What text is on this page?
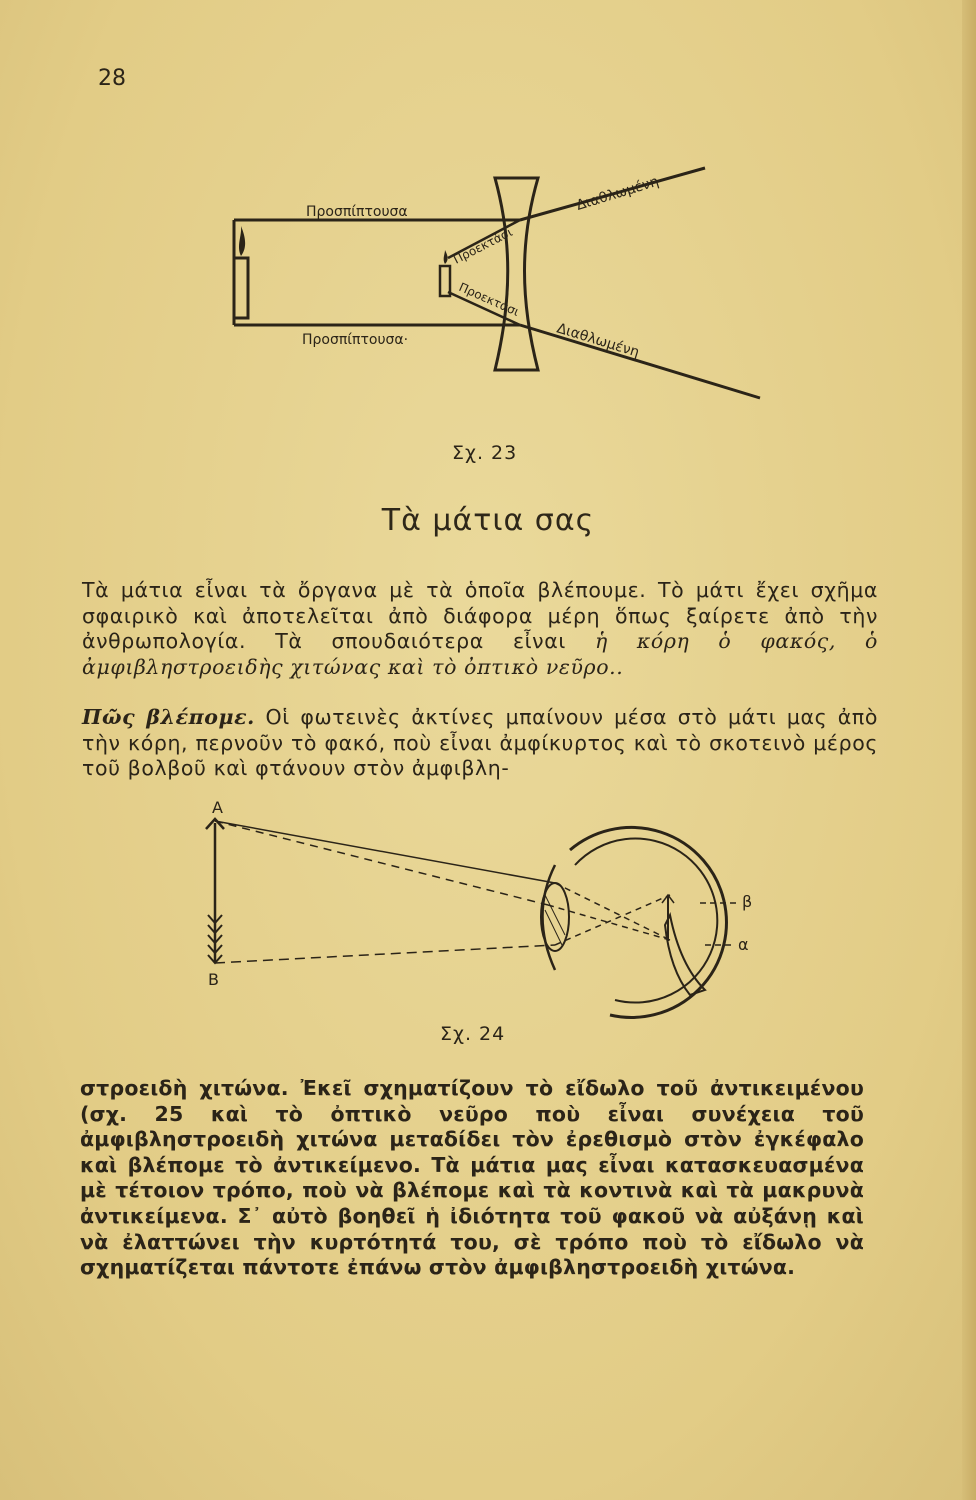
28
Προσπίπτουσα
Προσπίπτουσα·
Προεκτάσι
Προεκτάσι
Διαθλωμένη
Διαθλωμένη
Σχ. 23
Τὰ μάτια σας
Τὰ μάτια εἶναι τὰ ὄργανα μὲ τὰ ὁποῖα βλέπουμε. Τὸ μάτι ἔχει σχῆμα σφαιρικὸ καὶ ἀποτελεῖται ἀπὸ διάφορα μέρη ὅπως ξαίρετε ἀπὸ τὴν ἀνθρωπολογία. Τὰ σπουδαιότερα εἶναι ἡ κόρη ὁ φακός, ὁ ἀμφιβληστροειδὴς χιτώνας καὶ τὸ ὀπτικὸ νεῦρο..
Πῶς βλέπομε. Οἱ φωτεινὲς ἀκτίνες μπαίνουν μέσα στὸ μάτι μας ἀπὸ τὴν κόρη, περνοῦν τὸ φακό, ποὺ εἶναι ἀμφίκυρτος καὶ τὸ σκοτεινὸ μέρος τοῦ βολβοῦ καὶ φτάνουν στὸν ἀμφιβλη-
A
B
β
α
Σχ. 24
στροειδὴ χιτώνα. Ἐκεῖ σχηματίζουν τὸ εἴδωλο τοῦ ἀντικειμένου (σχ. 25 καὶ τὸ ὀπτικὸ νεῦρο ποὺ εἶναι συνέχεια τοῦ ἀμφιβληστροειδὴ χιτώνα μεταδίδει τὸν ἐρεθισμὸ στὸν ἐγκέφαλο καὶ βλέπομε τὸ ἀντικείμενο. Τὰ μάτια μας εἶναι κατασκευασμένα μὲ τέτοιον τρόπο, ποὺ νὰ βλέπομε καὶ τὰ κοντινὰ καὶ τὰ μακρυνὰ ἀντικείμενα. Σ᾿ αὐτὸ βοηθεῖ ἡ ἰδιότητα τοῦ φακοῦ νὰ αὐξάνῃ καὶ νὰ ἐλαττώνει τὴν κυρτότητά του, σὲ τρόπο ποὺ τὸ εἴδωλο νὰ σχηματίζεται πάντοτε ἐπάνω στὸν ἀμφιβληστροειδὴ χιτώνα.
